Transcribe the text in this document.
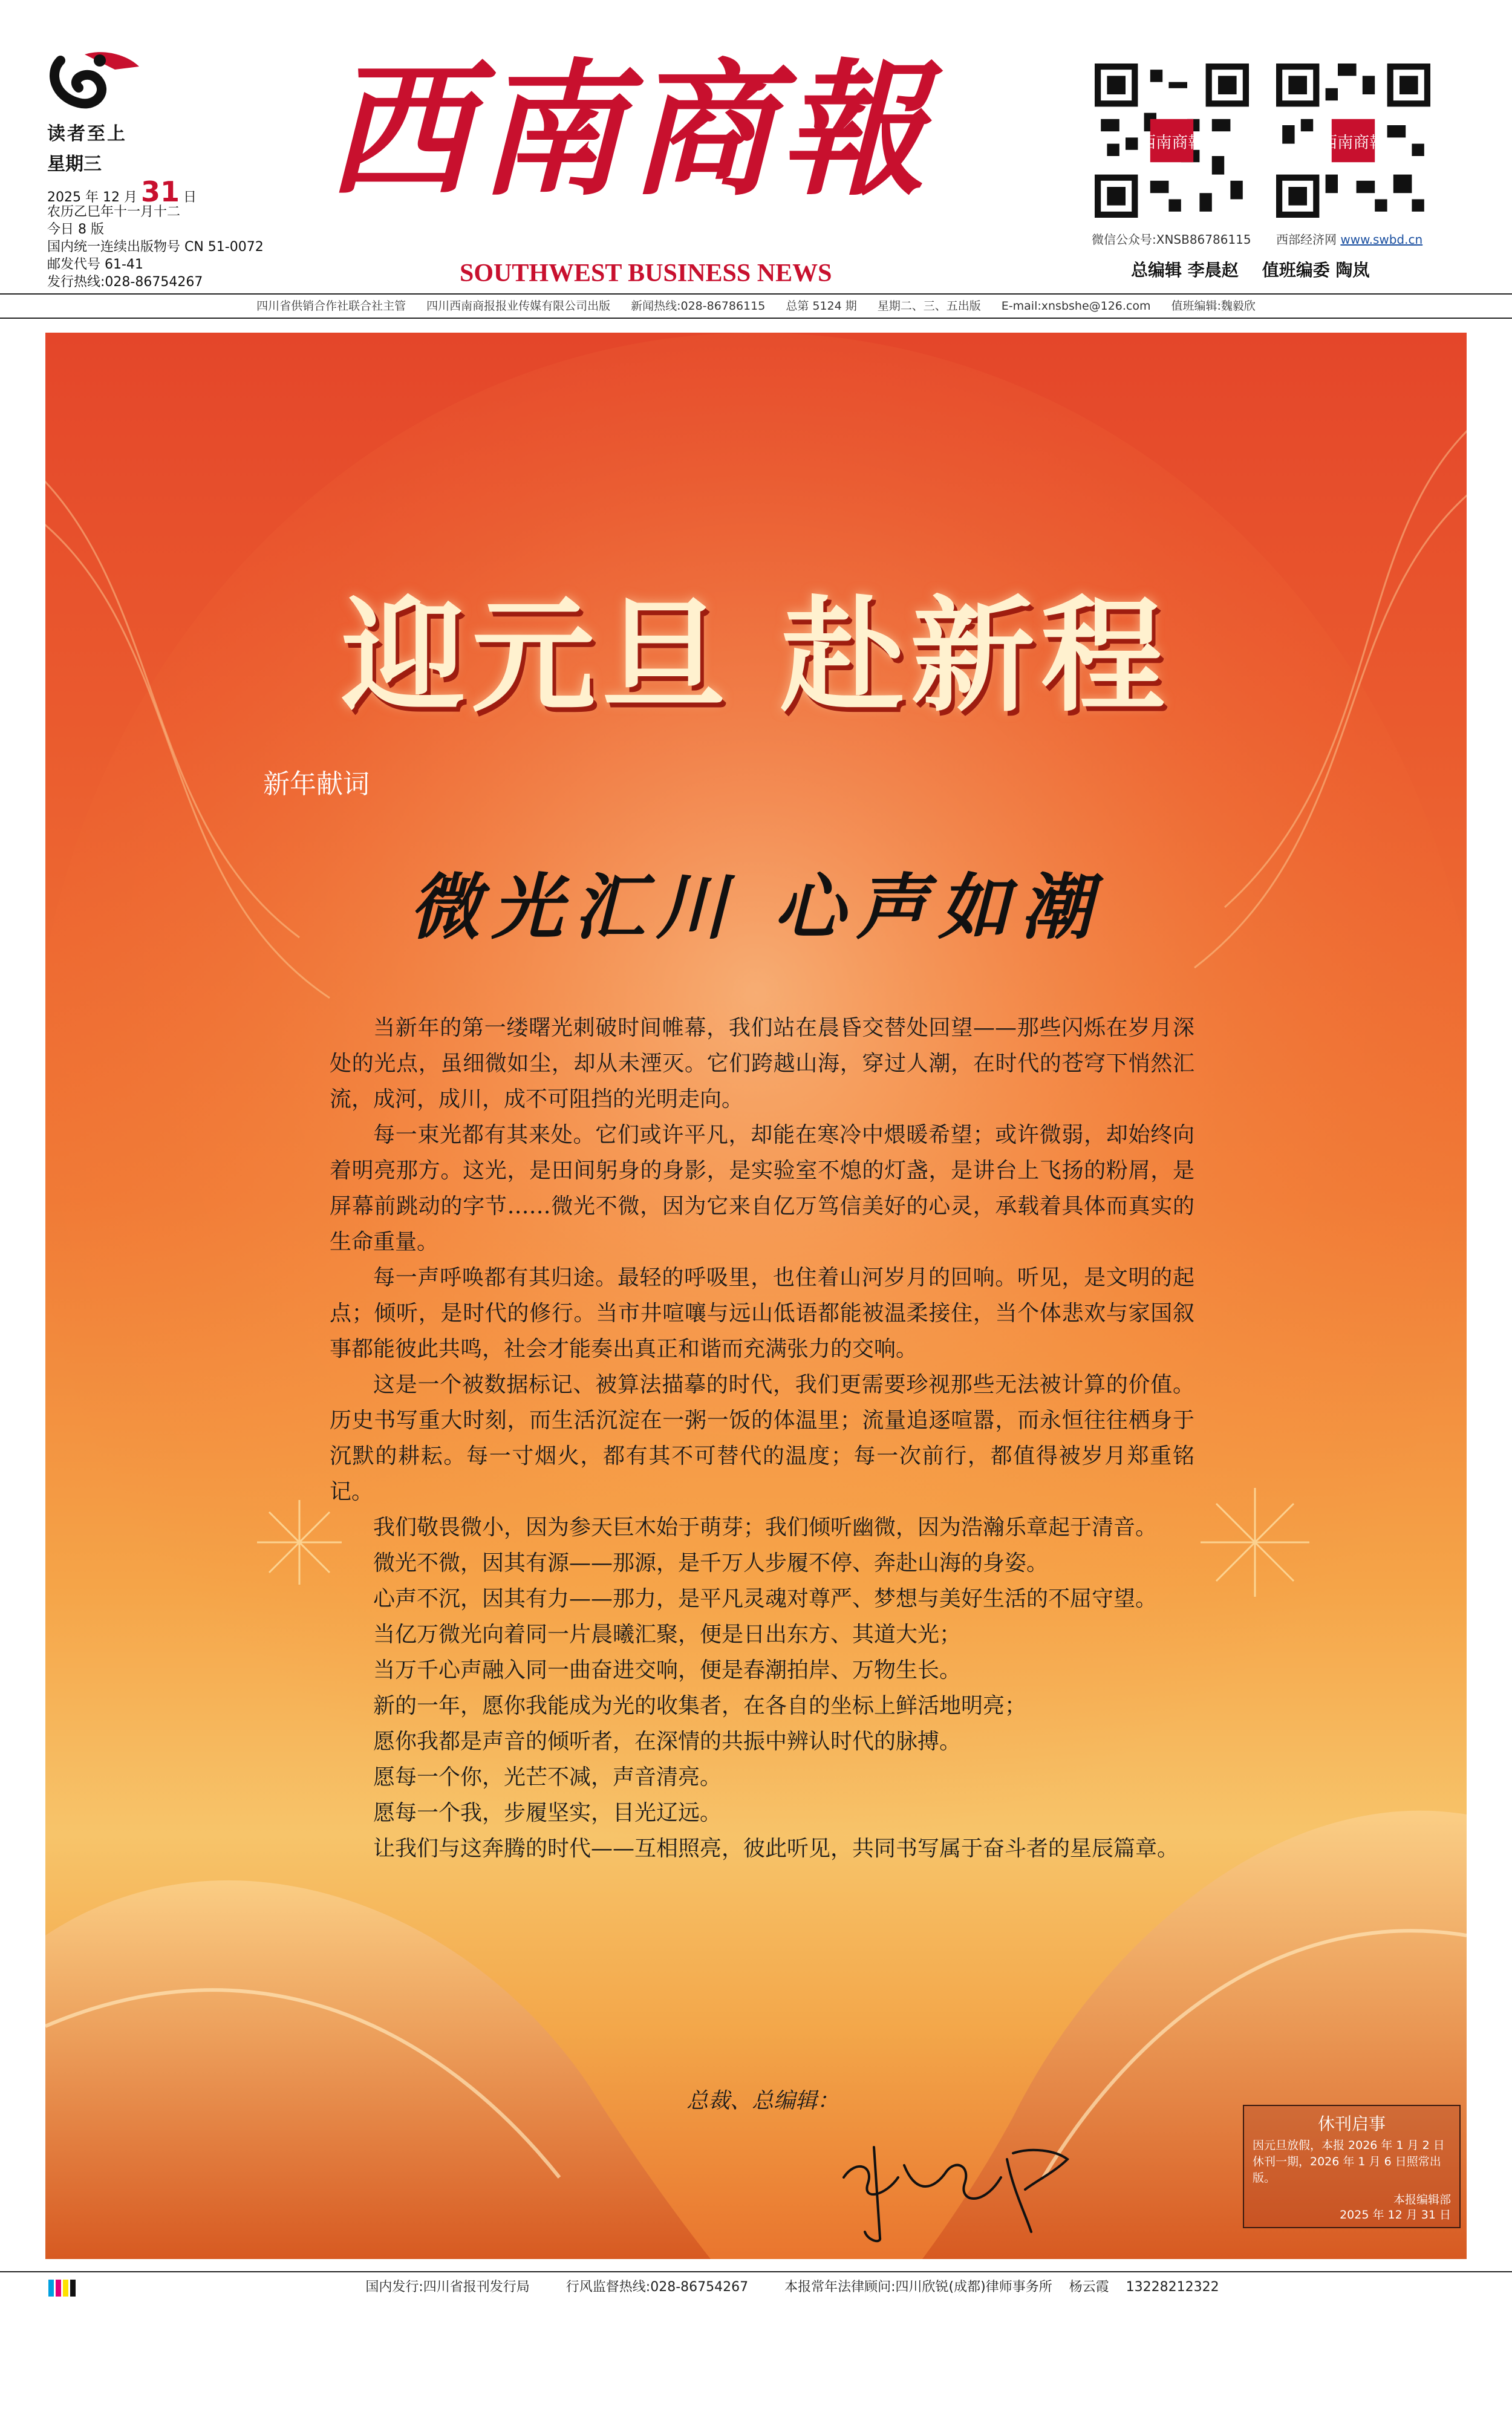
读者至上
星期三
2025 年 12 月 31 日
农历乙巳年十一月十二
今日 8 版
国内统一连续出版物号 CN 51-0072
邮发代号 61-41
发行热线:028-86754267
西南商報
SOUTHWEST BUSINESS NEWS
西南商報	西南商報
微信公众号:XNSB86786115 西部经济网 www.swbd.cn
总编辑 李晨赵 值班编委 陶岚
四川省供销合作社联合社主管 四川西南商报报业传媒有限公司出版 新闻热线:028-86786115 总第 5124 期 星期二、三、五出版 E-mail:xnsbshe@126.com 值班编辑:魏毅欣
迎元旦 赴新程
新年献词
微光汇川 心声如潮

当新年的第一缕曙光刺破时间帷幕，我们站在晨昏交替处回望——那些闪烁在岁月深处的光点，虽细微如尘，却从未湮灭。它们跨越山海，穿过人潮，在时代的苍穹下悄然汇流，成河，成川，成不可阻挡的光明走向。

每一束光都有其来处。它们或许平凡，却能在寒冷中煨暖希望；或许微弱，却始终向着明亮那方。这光，是田间躬身的身影，是实验室不熄的灯盏，是讲台上飞扬的粉屑，是屏幕前跳动的字节……微光不微，因为它来自亿万笃信美好的心灵，承载着具体而真实的生命重量。

每一声呼唤都有其归途。最轻的呼吸里，也住着山河岁月的回响。听见，是文明的起点；倾听，是时代的修行。当市井喧嚷与远山低语都能被温柔接住，当个体悲欢与家国叙事都能彼此共鸣，社会才能奏出真正和谐而充满张力的交响。

这是一个被数据标记、被算法描摹的时代，我们更需要珍视那些无法被计算的价值。历史书写重大时刻，而生活沉淀在一粥一饭的体温里；流量追逐喧嚣，而永恒往往栖身于沉默的耕耘。每一寸烟火，都有其不可替代的温度；每一次前行，都值得被岁月郑重铭记。

我们敬畏微小，因为参天巨木始于萌芽；我们倾听幽微，因为浩瀚乐章起于清音。

微光不微，因其有源——那源，是千万人步履不停、奔赴山海的身姿。

心声不沉，因其有力——那力，是平凡灵魂对尊严、梦想与美好生活的不屈守望。

当亿万微光向着同一片晨曦汇聚，便是日出东方、其道大光；

当万千心声融入同一曲奋进交响，便是春潮拍岸、万物生长。

新的一年，愿你我能成为光的收集者，在各自的坐标上鲜活地明亮；

愿你我都是声音的倾听者，在深情的共振中辨认时代的脉搏。

愿每一个你，光芒不减，声音清亮。

愿每一个我，步履坚实，目光辽远。

让我们与这奔腾的时代——互相照亮，彼此听见，共同书写属于奋斗者的星辰篇章。

总裁、总编辑：
休刊启事
因元旦放假，本报 2026 年 1 月 2 日休刊一期，2026 年 1 月 6 日照常出版。
本报编辑部
2025 年 12 月 31 日
国内发行:四川省报刊发行局	行风监督热线:028-86754267	本报常年法律顾问:四川欣锐(成都)律师事务所    杨云霞    13228212322
